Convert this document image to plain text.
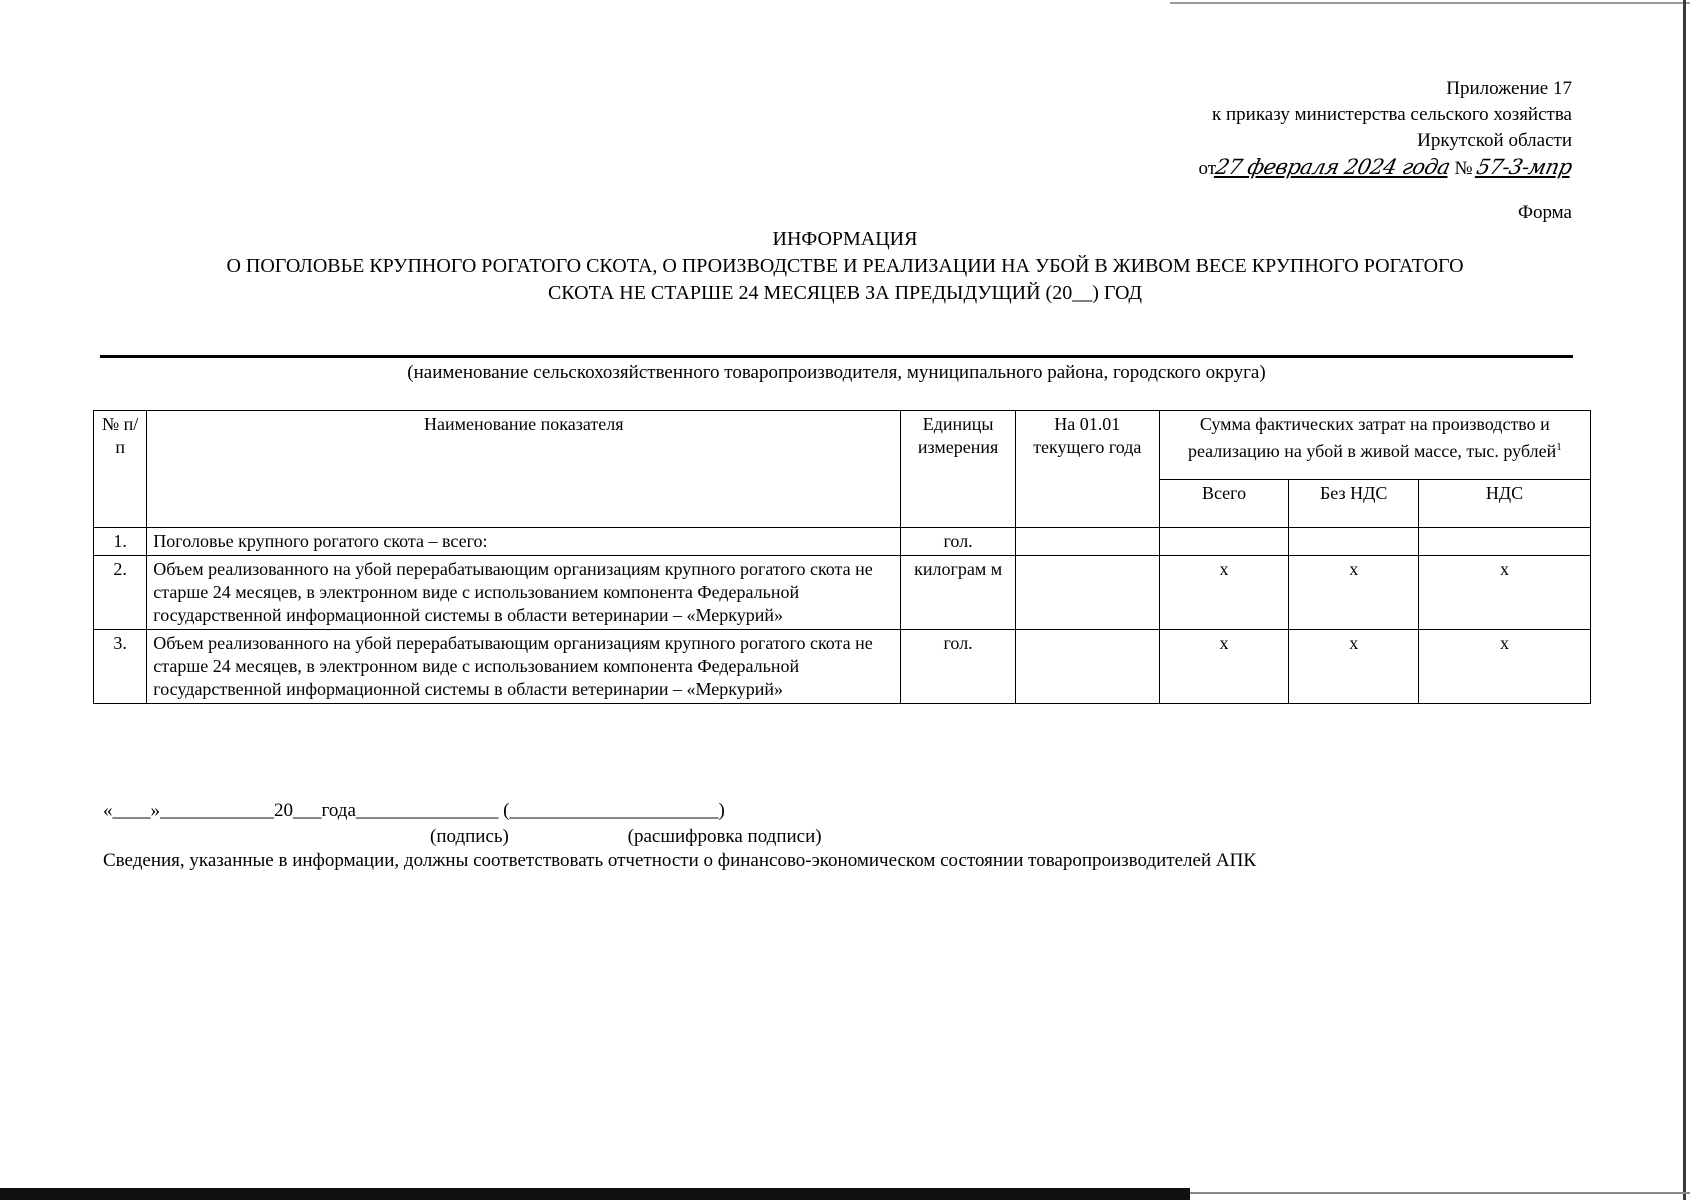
Приложение 17
к приказу министерства сельского хозяйства
Иркутской области
от27 февраля 2024 года № 57-3-мпр
Форма
ИНФОРМАЦИЯ
О ПОГОЛОВЬЕ КРУПНОГО РОГАТОГО СКОТА, О ПРОИЗВОДСТВЕ И РЕАЛИЗАЦИИ НА УБОЙ В ЖИВОМ ВЕСЕ КРУПНОГО РОГАТОГО
СКОТА НЕ СТАРШЕ 24 МЕСЯЦЕВ ЗА ПРЕДЫДУЩИЙ (20__) ГОД
(наименование сельскохозяйственного товаропроизводителя, муниципального района, городского округа)
№ п/п	Наименование показателя	Единицы измерения	На 01.01 текущего года	Сумма фактических затрат на производство и реализацию на убой в живой массе, тыс. рублей$^1$
				Всего	Без НДС	НДС
1.	Поголовье крупного рогатого скота – всего:	гол.				
2.	Объем реализованного на убой перерабатывающим организациям крупного рогатого скота не старше 24 месяцев, в электронном виде с использованием компонента Федеральной государственной информационной системы в области ветеринарии – «Меркурий»	килограм м		x	x	x
3.	Объем реализованного на убой перерабатывающим организациям крупного рогатого скота не старше 24 месяцев, в электронном виде с использованием компонента Федеральной государственной информационной системы в области ветеринарии – «Меркурий»	гол.		x	x	x
«____»____________20___года_______________ (______________________)
(подпись)	(расшифровка подписи)
Сведения, указанные в информации, должны соответствовать отчетности о финансово-экономическом состоянии товаропроизводителей АПК
